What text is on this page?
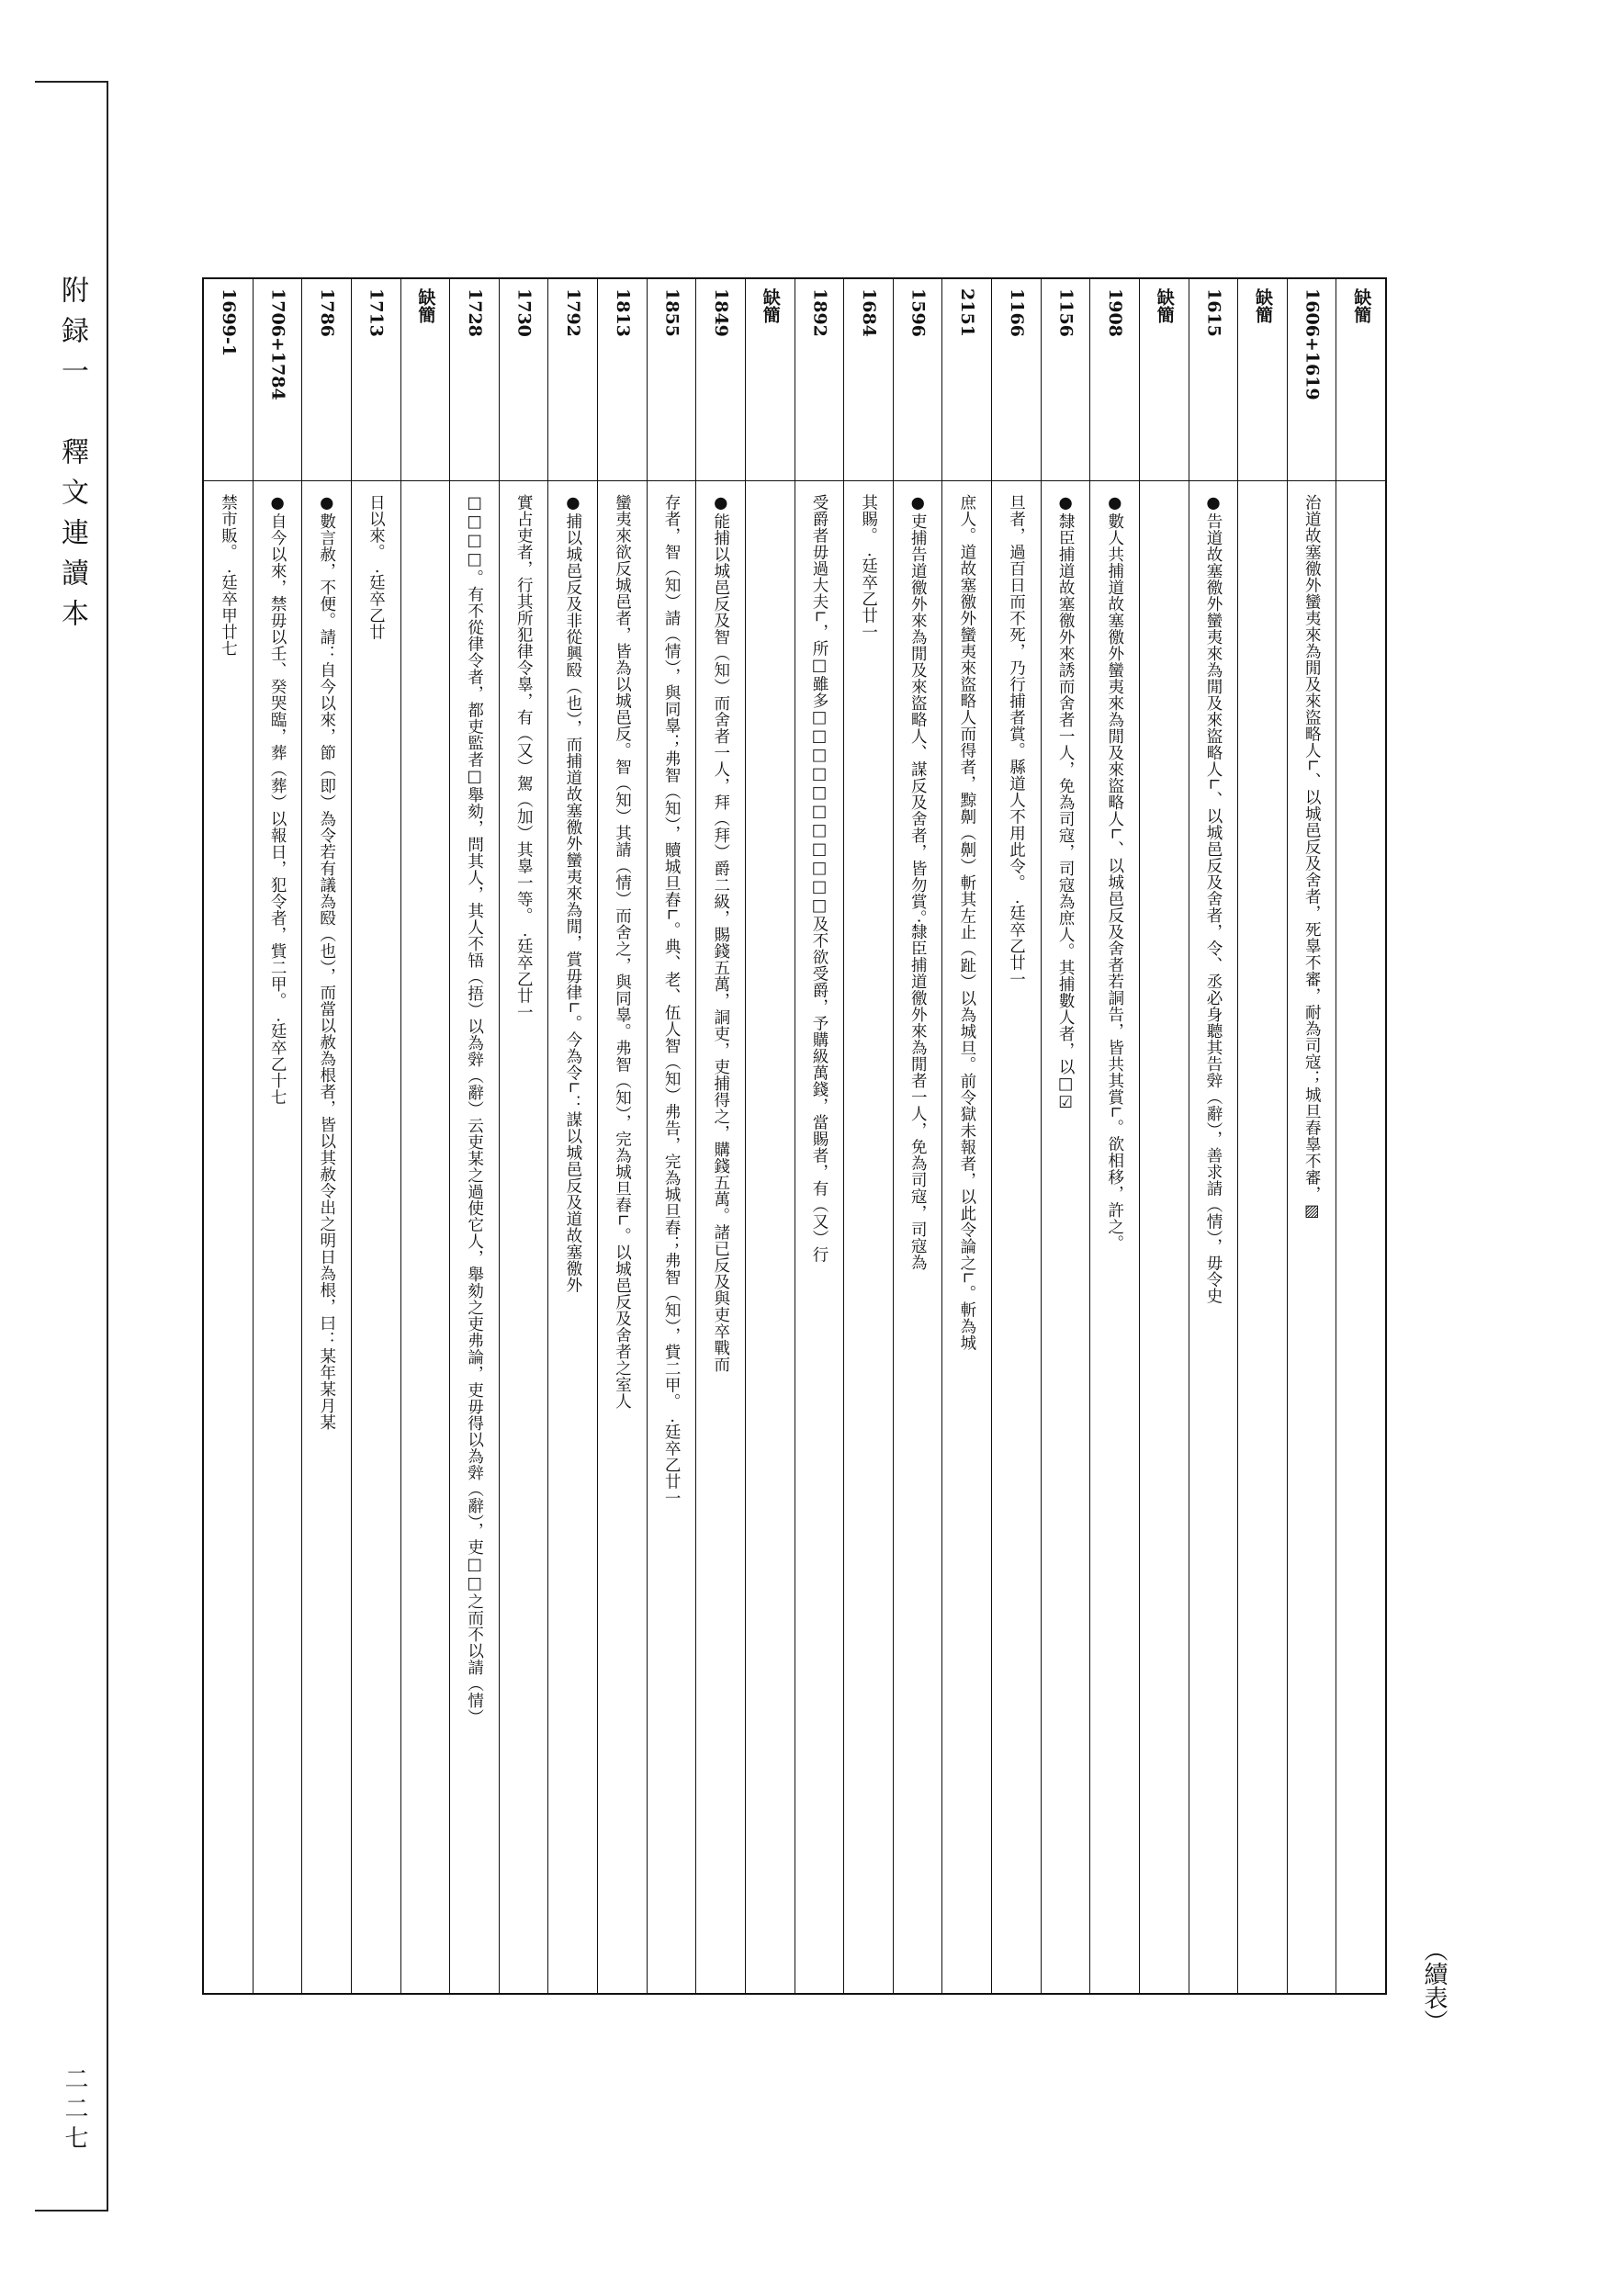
附録一　釋文連讀本
二二七
（續表）
缺簡
1606+1619
治道故塞徼外蠻夷來為閒及來盜略人∟、以城邑反及舍者，死辠不審，耐為司寇；城旦舂辠不審，▨
缺簡
1615
●告道故塞徼外蠻夷來為閒及來盜略人∟、以城邑反及舍者，令、丞必身聽其告辤（辭），善求請（情），毋令史
缺簡
1908
●數人共捕道故塞徼外蠻夷來為閒及來盜略人∟、以城邑反及舍者若詷告，皆共其賞∟。欲相移，許之。
1156
●隸臣捕道故塞徼外來誘而舍者一人，免為司寇，司寇為庶人。其捕數人者，以□☑
1166
旦者，過百日而不死，乃行捕者賞。縣道人不用此令。　·廷卒乙廿一
2151
庶人。道故塞徼外蠻夷來盜略人而得者，黥劓（劓）斬其左止（趾）以為城旦。前令獄未報者，以此令論之∟。斬為城
1596
●吏捕告道徼外來為閒及來盜略人、謀反及舍者，皆勿賞。·隸臣捕道徼外來為閒者一人，免為司寇，司寇為
1684
其賜。　·廷卒乙廿一
1892
受爵者毋過大夫∟，所□雖多□□□□□□□□□□□及不欲受爵，予購級萬錢，當賜者，有（又）行
缺簡
1849
●能捕以城邑反及智（知）而舍者一人，拜（拜）爵二級，賜錢五萬，詷吏，吏捕得之，購錢五萬。諸已反及與吏卒戰而
1855
存者，智（知）請（情），與同辠；弗智（知），贖城旦舂∟。典、老、伍人智（知）弗告，完為城旦舂；弗智（知），貲二甲。　·廷卒乙廿一
1813
蠻夷來欲反城邑者，皆為以城邑反。智（知）其請（情）而舍之，與同辠。弗智（知），完為城旦舂∟。以城邑反及舍者之室人
1792
●捕以城邑反及非從興殹（也），而捕道故塞徼外蠻夷來為閒，賞毋律∟。今為令∟：謀以城邑反及道故塞徼外
1730
實占吏者，行其所犯律令辠，有（又）駕（加）其辠一等。　·廷卒乙廿一
1728
□□□□。有不從律令者，都吏監者□舉劾，問其人，其人不啎（捂）以為辤（辭）云吏某之過使它人，舉劾之吏弗論，吏毋得以為辤（辭），吏□□之而不以請（情）
缺簡
1713
日以來。　·廷卒乙廿
1786
●數言赦，不便。請：自今以來，節（即）為令若有議為殹（也），而當以赦為根者，皆以其赦令出之明日為根，曰：某年某月某
1706+1784
●自今以來，禁毋以壬、癸哭臨，葬（葬）以報日，犯令者，貲二甲。　·廷卒乙十七
1699-1
禁市販。　·廷卒甲廿七
